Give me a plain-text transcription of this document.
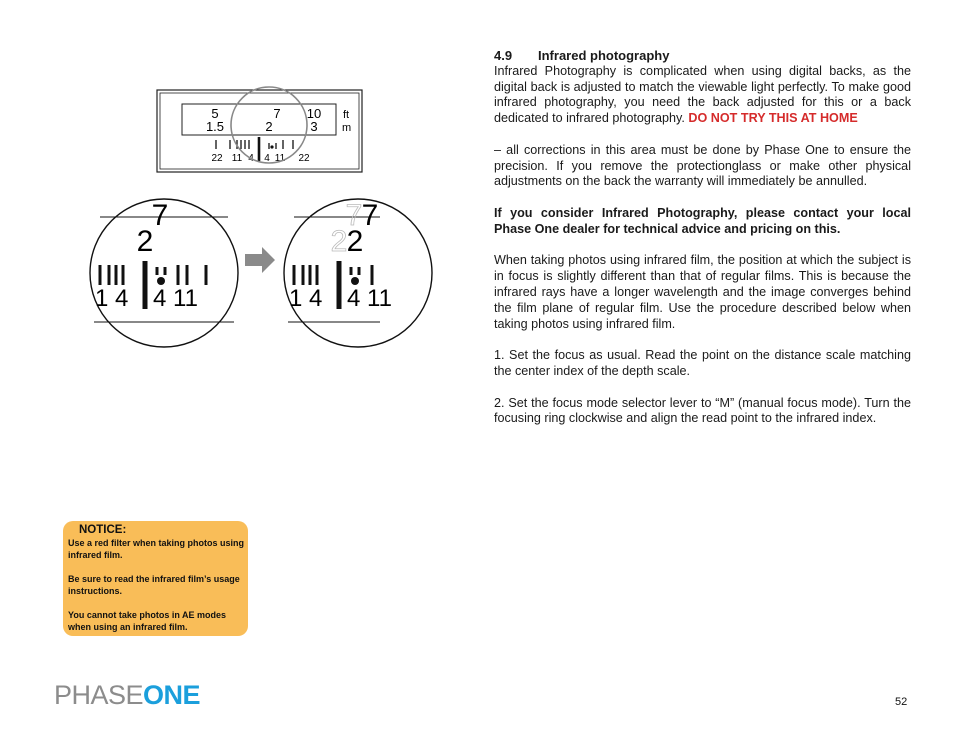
4.9 Infrared photography

Infrared Photography is complicated when using digital backs, as the digital back is adjusted to match the viewable light perfectly. To make good infrared photography, you need the back adjusted for this or a back dedicated to infrared photography. DO NOT TRY THIS AT HOME

– all corrections in this area must be done by Phase One to ensure the precision. If you remove the protectionglass or make other physical adjustments on the back the warranty will immediately be annulled.

If you consider Infrared Photography, please contact your local Phase One dealer for technical advice and pricing on this.

When taking photos using infrared film, the position at which the subject is in focus is slightly different than that of regular films. This is because the infrared rays have a longer wavelength and the image converges behind the film plane of regular film. Use the procedure described below when taking photos using infrared film.

1. Set the focus as usual. Read the point on the distance scale matching the center index of the depth scale.

2. Set the focus mode selector lever to “M” (manual focus mode). Turn the focusing ring clockwise and align the read point to the infrared index.

5	7 10
1.5	2	3
ft
m
22 11 4 4 11 22
7
2
1 4 4 11
7
2
7
2
1 4 4 11
NOTICE:
Use a red filter when taking photos using infrared film.
Be sure to read the infrared film’s usage instructions.
You cannot take photos in AE modes when using an infrared film.
PHASEONE	52
